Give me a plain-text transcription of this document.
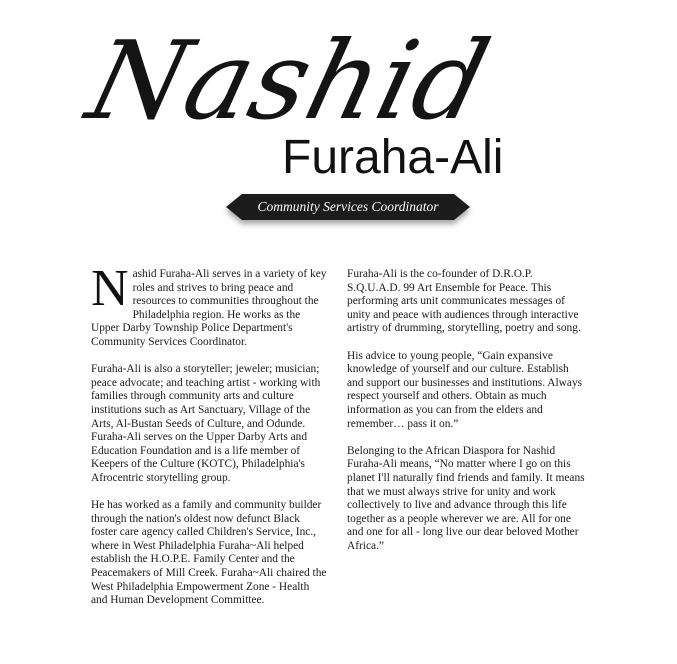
Nashid
Furaha-Ali
Community Services Coordinator

Nashid Furaha-Ali serves in a variety of key roles and strives to bring peace and resources to communities throughout the Philadelphia region. He works as the Upper Darby Township Police Department's Community Services Coordinator.

Furaha-Ali is also a storyteller; jeweler; musician; peace advocate; and teaching artist - working with families through community arts and culture institutions such as Art Sanctuary, Village of the Arts, Al-Bustan Seeds of Culture, and Odunde. Furaha-Ali serves on the Upper Darby Arts and Education Foundation and is a life member of Keepers of the Culture (KOTC), Philadelphia's Afrocentric storytelling group.

He has worked as a family and community builder through the nation's oldest now defunct Black foster care agency called Children's Service, Inc., where in West Philadelphia Furaha~Ali helped establish the H.O.P.E. Family Center and the Peacemakers of Mill Creek. Furaha~Ali chaired the West Philadelphia Empowerment Zone - Health and Human Development Committee.

Furaha-Ali is the co-founder of D.R.O.P. S.Q.U.A.D. 99 Art Ensemble for Peace. This performing arts unit communicates messages of unity and peace with audiences through interactive artistry of drumming, storytelling, poetry and song.

His advice to young people, “Gain expansive knowledge of yourself and our culture. Establish and support our businesses and institutions. Always respect yourself and others. Obtain as much information as you can from the elders and remember… pass it on.”

Belonging to the African Diaspora for Nashid Furaha-Ali means, “No matter where I go on this planet I'll naturally find friends and family. It means that we must always strive for unity and work collectively to live and advance through this life together as a people wherever we are. All for one and one for all - long live our dear beloved Mother Africa.”
